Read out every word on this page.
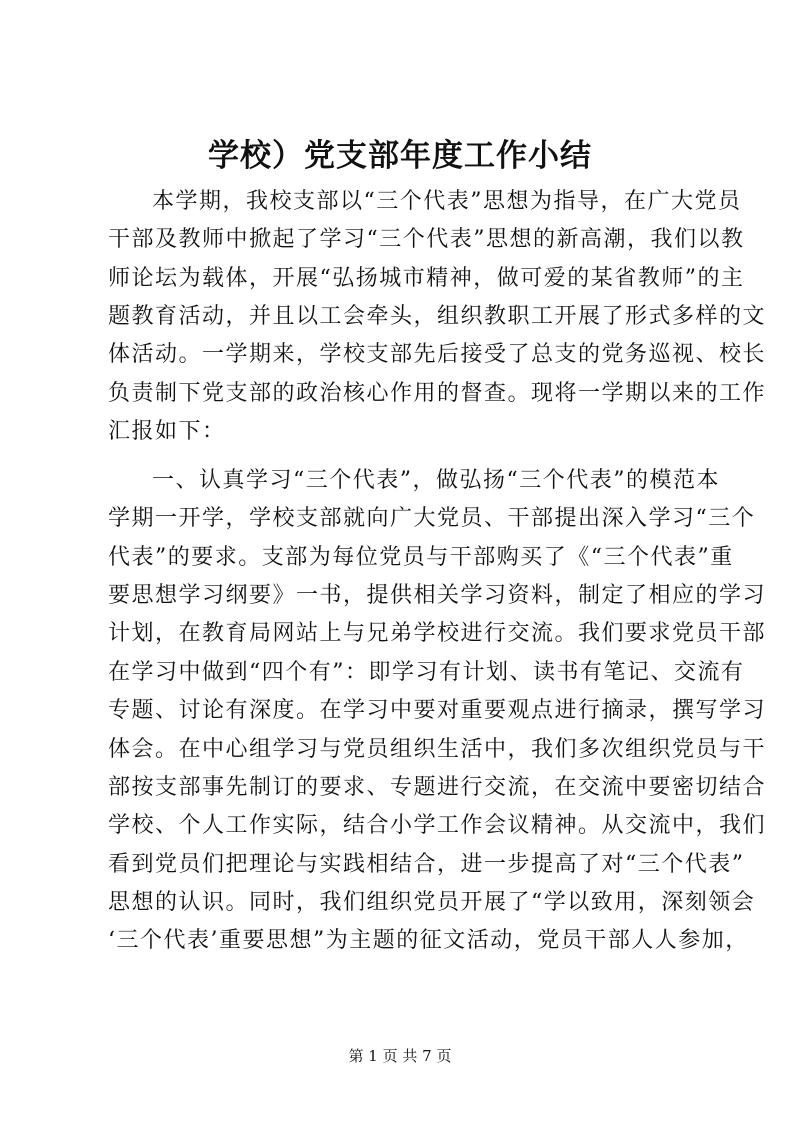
学校）党支部年度工作小结
本学期，我校支部以“三个代表”思想为指导，在广大党员
干部及教师中掀起了学习“三个代表”思想的新高潮，我们以教
师论坛为载体，开展“弘扬城市精神，做可爱的某省教师”的主
题教育活动，并且以工会牵头，组织教职工开展了形式多样的文
体活动。一学期来，学校支部先后接受了总支的党务巡视、校长
负责制下党支部的政治核心作用的督查。现将一学期以来的工作
汇报如下：
一、认真学习“三个代表”，做弘扬“三个代表”的模范本
学期一开学，学校支部就向广大党员、干部提出深入学习“三个
代表”的要求。支部为每位党员与干部购买了《“三个代表”重
要思想学习纲要》一书，提供相关学习资料，制定了相应的学习
计划，在教育局网站上与兄弟学校进行交流。我们要求党员干部
在学习中做到“四个有”：即学习有计划、读书有笔记、交流有
专题、讨论有深度。在学习中要对重要观点进行摘录，撰写学习
体会。在中心组学习与党员组织生活中，我们多次组织党员与干
部按支部事先制订的要求、专题进行交流，在交流中要密切结合
学校、个人工作实际，结合小学工作会议精神。从交流中，我们
看到党员们把理论与实践相结合，进一步提高了对“三个代表”
思想的认识。同时，我们组织党员开展了“学以致用，深刻领会
‘三个代表’重要思想”为主题的征文活动，党员干部人人参加，
第 1 页 共 7 页
